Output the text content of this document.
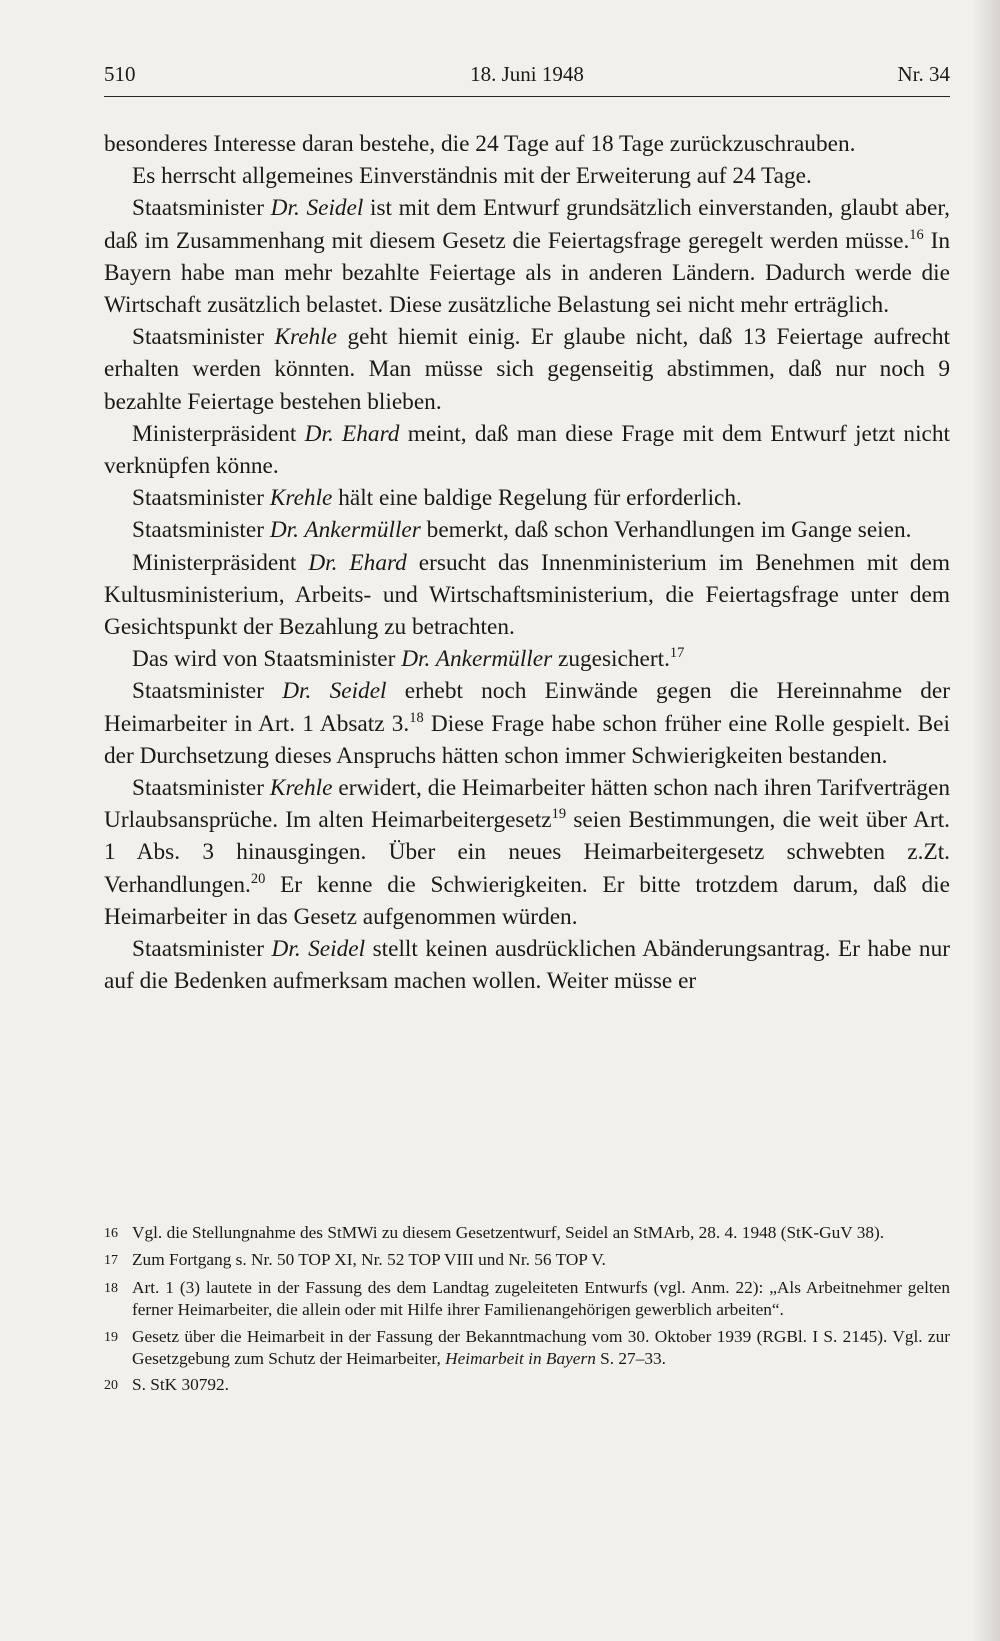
510	18. Juni 1948	Nr. 34

besonderes Interesse daran bestehe, die 24 Tage auf 18 Tage zurückzuschrauben.

Es herrscht allgemeines Einverständnis mit der Erweiterung auf 24 Tage.

Staatsminister Dr. Seidel ist mit dem Entwurf grundsätzlich einverstanden, glaubt aber, daß im Zusammenhang mit diesem Gesetz die Feiertagsfrage geregelt werden müsse.$^{16}$ In Bayern habe man mehr bezahlte Feiertage als in anderen Ländern. Dadurch werde die Wirtschaft zusätzlich belastet. Diese zusätzliche Belastung sei nicht mehr erträglich.

Staatsminister Krehle geht hiemit einig. Er glaube nicht, daß 13 Feiertage aufrecht erhalten werden könnten. Man müsse sich gegenseitig abstimmen, daß nur noch 9 bezahlte Feiertage bestehen blieben.

Ministerpräsident Dr. Ehard meint, daß man diese Frage mit dem Entwurf jetzt nicht verknüpfen könne.

Staatsminister Krehle hält eine baldige Regelung für erforderlich.

Staatsminister Dr. Ankermüller bemerkt, daß schon Verhandlungen im Gange seien.

Ministerpräsident Dr. Ehard ersucht das Innenministerium im Benehmen mit dem Kultusministerium, Arbeits- und Wirtschaftsministerium, die Feiertagsfrage unter dem Gesichtspunkt der Bezahlung zu betrachten.

Das wird von Staatsminister Dr. Ankermüller zugesichert.$^{17}$

Staatsminister Dr. Seidel erhebt noch Einwände gegen die Hereinnahme der Heimarbeiter in Art. 1 Absatz 3.18 Diese Frage habe schon früher eine Rolle gespielt. Bei der Durchsetzung dieses Anspruchs hätten schon immer Schwierigkeiten bestanden.

Staatsminister Krehle erwidert, die Heimarbeiter hätten schon nach ihren Tarifverträgen Urlaubsansprüche. Im alten Heimarbeitergesetz$^{19}$ seien Bestimmungen, die weit über Art. 1 Abs. 3 hinausgingen. Über ein neues Heimarbeitergesetz schwebten z.Zt. Verhandlungen.$^{20}$ Er kenne die Schwierigkeiten. Er bitte trotzdem darum, daß die Heimarbeiter in das Gesetz aufgenommen würden.

Staatsminister Dr. Seidel stellt keinen ausdrücklichen Abänderungsantrag. Er habe nur auf die Bedenken aufmerksam machen wollen. Weiter müsse er

16 Vgl. die Stellungnahme des StMWi zu diesem Gesetzentwurf, Seidel an StMArb, 28. 4. 1948 (StK-GuV 38).
17 Zum Fortgang s. Nr. 50 TOP XI, Nr. 52 TOP VIII und Nr. 56 TOP V.
18 Art. 1 (3) lautete in der Fassung des dem Landtag zugeleiteten Entwurfs (vgl. Anm. 22): „Als Arbeitnehmer gelten ferner Heimarbeiter, die allein oder mit Hilfe ihrer Familienangehörigen gewerblich arbeiten“.
19 Gesetz über die Heimarbeit in der Fassung der Bekanntmachung vom 30. Oktober 1939 (RGBl. I S. 2145). Vgl. zur Gesetzgebung zum Schutz der Heimarbeiter, Heimarbeit in Bayern S. 27–33.
20 S. StK 30792.
